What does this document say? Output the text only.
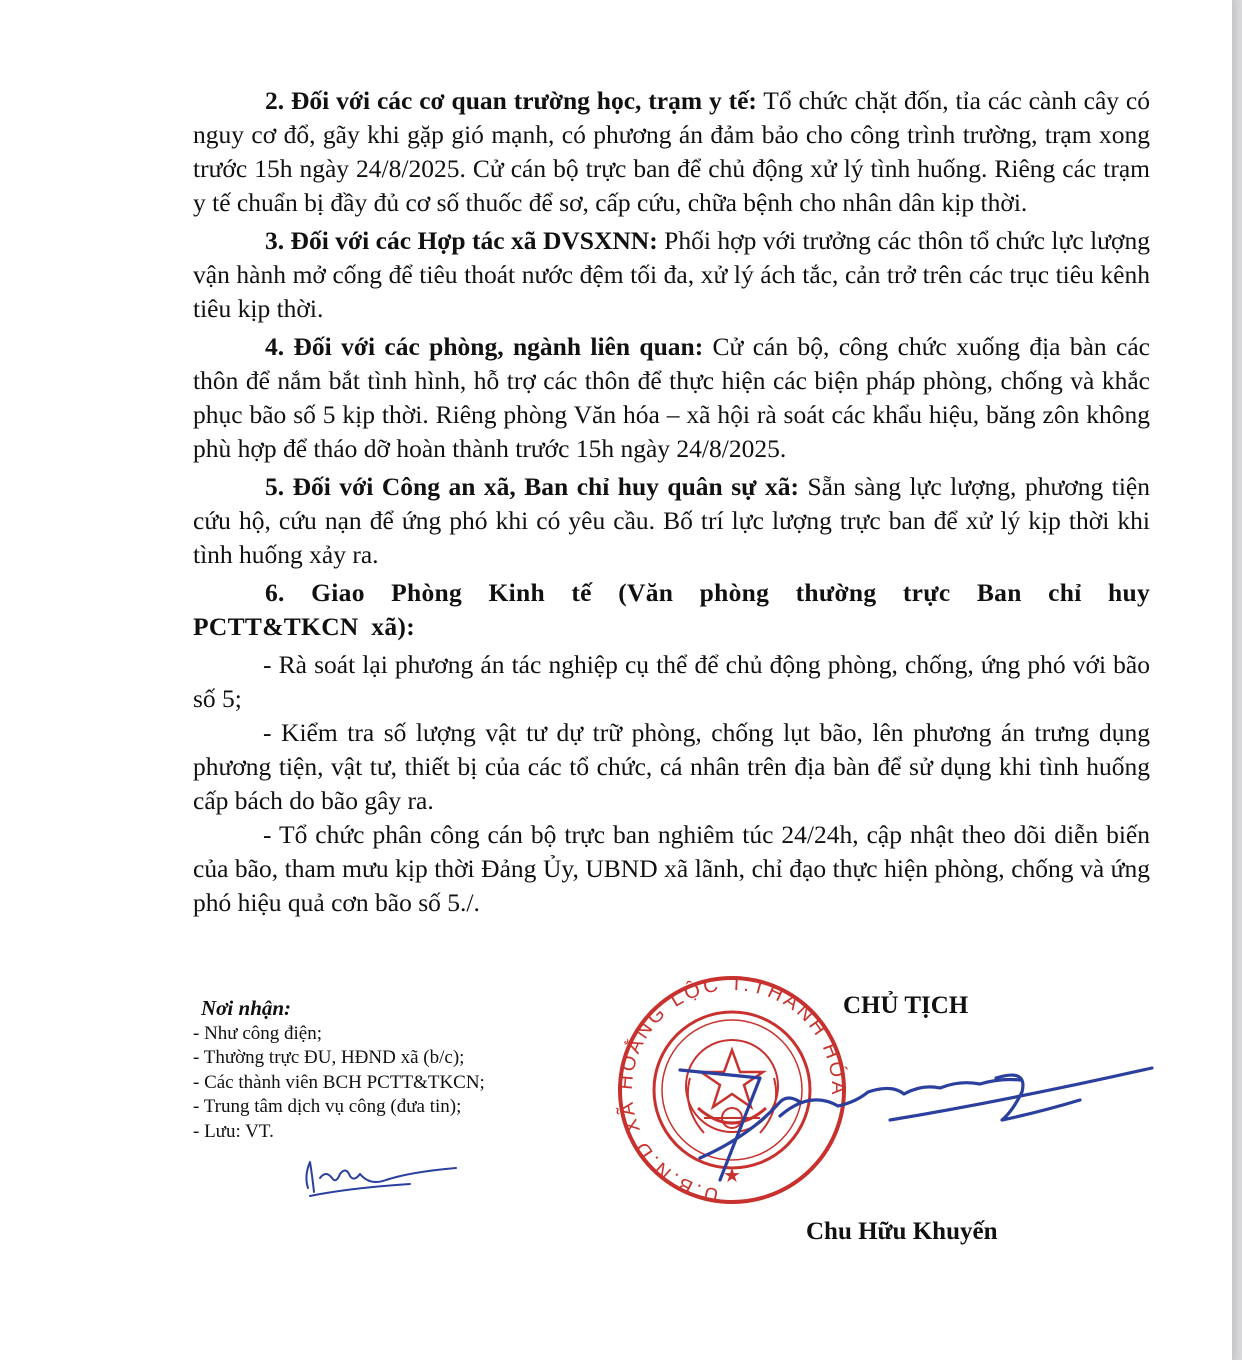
2. Đối với các cơ quan trường học, trạm y tế: Tổ chức chặt đốn, tỉa các cành cây có nguy cơ đổ, gãy khi gặp gió mạnh, có phương án đảm bảo cho công trình trường, trạm xong trước 15h ngày 24/8/2025. Cử cán bộ trực ban để chủ động xử lý tình huống. Riêng các trạm y tế chuẩn bị đầy đủ cơ số thuốc để sơ, cấp cứu, chữa bệnh cho nhân dân kịp thời.

3. Đối với các Hợp tác xã DVSXNN: Phối hợp với trưởng các thôn tổ chức lực lượng vận hành mở cống để tiêu thoát nước đệm tối đa, xử lý ách tắc, cản trở trên các trục tiêu kênh tiêu kịp thời.

4. Đối với các phòng, ngành liên quan: Cử cán bộ, công chức xuống địa bàn các thôn để nắm bắt tình hình, hỗ trợ các thôn để thực hiện các biện pháp phòng, chống và khắc phục bão số 5 kịp thời. Riêng phòng Văn hóa – xã hội rà soát các khẩu hiệu, băng zôn không phù hợp để tháo dỡ hoàn thành trước 15h ngày 24/8/2025.

5. Đối với Công an xã, Ban chỉ huy quân sự xã: Sẵn sàng lực lượng, phương tiện cứu hộ, cứu nạn để ứng phó khi có yêu cầu. Bố trí lực lượng trực ban để xử lý kịp thời khi tình huống xảy ra.

6. Giao Phòng Kinh tế (Văn phòng thường trực Ban chỉ huy PCTT&TKCN xã):

- Rà soát lại phương án tác nghiệp cụ thể để chủ động phòng, chống, ứng phó với bão số 5;

- Kiểm tra số lượng vật tư dự trữ phòng, chống lụt bão, lên phương án trưng dụng phương tiện, vật tư, thiết bị của các tổ chức, cá nhân trên địa bàn để sử dụng khi tình huống cấp bách do bão gây ra.

- Tổ chức phân công cán bộ trực ban nghiêm túc 24/24h, cập nhật theo dõi diễn biến của bão, tham mưu kịp thời Đảng Ủy, UBND xã lãnh, chỉ đạo thực hiện phòng, chống và ứng phó hiệu quả cơn bão số 5./.

Nơi nhận:
- Như công điện;
- Thường trực ĐU, HĐND xã (b/c);
- Các thành viên BCH PCTT&TKCN;
- Trung tâm dịch vụ công (đưa tin);
- Lưu: VT.
U.B.N.D XÃ HOẰNG LỘC T.THANH HÓA
★
CHỦ TỊCH
Chu Hữu Khuyến
